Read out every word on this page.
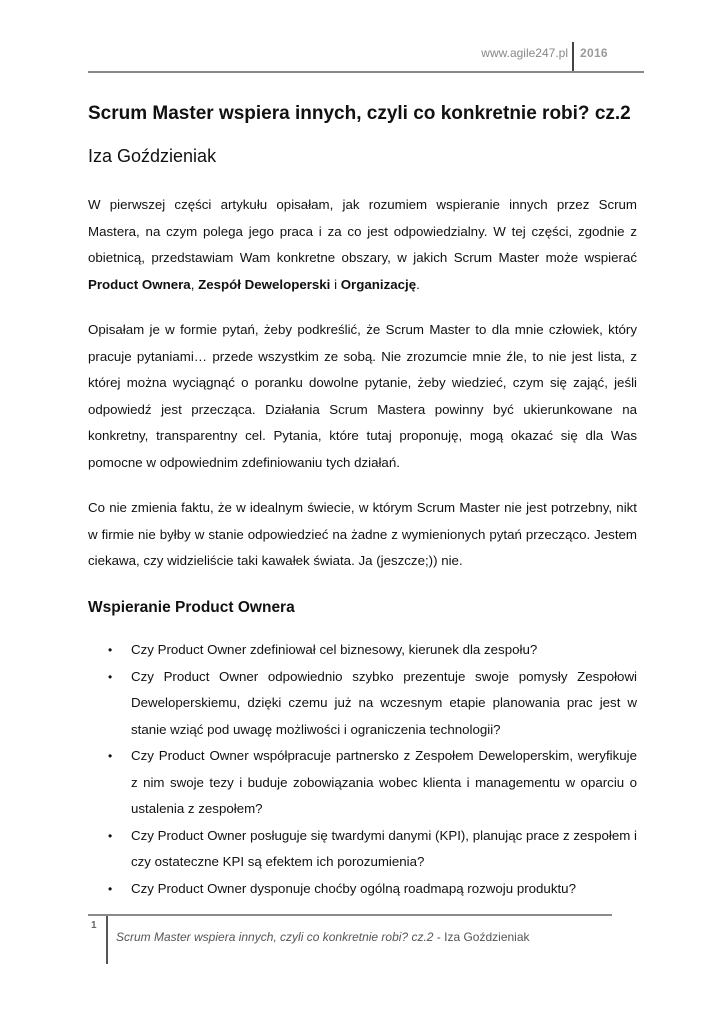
www.agile247.pl 2016
Scrum Master wspiera innych, czyli co konkretnie robi? cz.2
Iza Goździeniak

W pierwszej części artykułu opisałam, jak rozumiem wspieranie innych przez Scrum Mastera, na czym polega jego praca i za co jest odpowiedzialny. W tej części, zgodnie z obietnicą, przedstawiam Wam konkretne obszary, w jakich Scrum Master może wspierać Product Ownera, Zespół Deweloperski i Organizację.

Opisałam je w formie pytań, żeby podkreślić, że Scrum Master to dla mnie człowiek, który pracuje pytaniami… przede wszystkim ze sobą. Nie zrozumcie mnie źle, to nie jest lista, z której można wyciągnąć o poranku dowolne pytanie, żeby wiedzieć, czym się zająć, jeśli odpowiedź jest przecząca. Działania Scrum Mastera powinny być ukierunkowane na konkretny, transparentny cel. Pytania, które tutaj proponuję, mogą okazać się dla Was pomocne w odpowiednim zdefiniowaniu tych działań.

Co nie zmienia faktu, że w idealnym świecie, w którym Scrum Master nie jest potrzebny, nikt w firmie nie byłby w stanie odpowiedzieć na żadne z wymienionych pytań przecząco. Jestem ciekawa, czy widzieliście taki kawałek świata. Ja (jeszcze;)) nie.

Wspieranie Product Ownera
• Czy Product Owner zdefiniował cel biznesowy, kierunek dla zespołu?
• Czy Product Owner odpowiednio szybko prezentuje swoje pomysły Zespołowi Deweloperskiemu, dzięki czemu już na wczesnym etapie planowania prac jest w stanie wziąć pod uwagę możliwości i ograniczenia technologii?
• Czy Product Owner współpracuje partnersko z Zespołem Deweloperskim, weryfikuje z nim swoje tezy i buduje zobowiązania wobec klienta i managementu w oparciu o ustalenia z zespołem?
• Czy Product Owner posługuje się twardymi danymi (KPI), planując prace z zespołem i czy ostateczne KPI są efektem ich porozumienia?
• Czy Product Owner dysponuje choćby ogólną roadmapą rozwoju produktu?
1
Scrum Master wspiera innych, czyli co konkretnie robi? cz.2 - Iza Goździeniak
